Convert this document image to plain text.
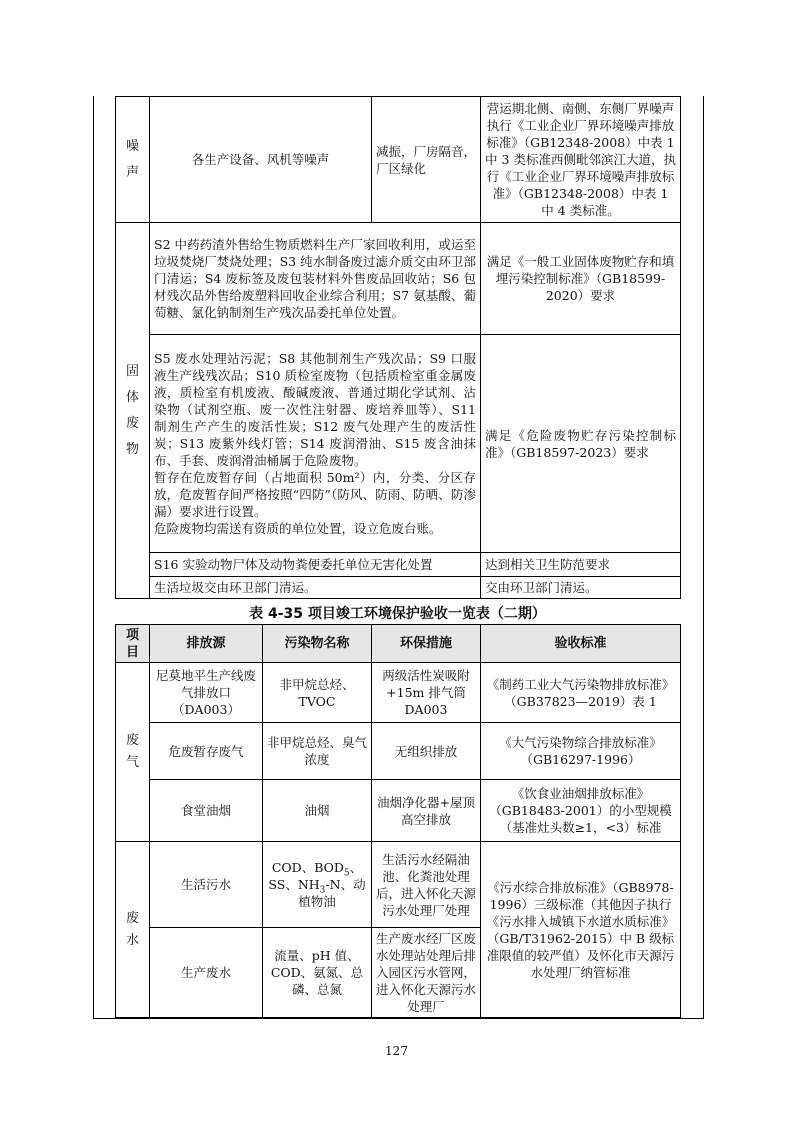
噪
声	各生产设备、风机等噪声	减振，厂房隔音，厂区绿化	营运期北侧、南侧、东侧厂界噪声执行《工业企业厂界环境噪声排放标准》（GB12348-2008）中表 1 中 3 类标准西侧毗邻滨江大道，执行《工业企业厂界环境噪声排放标准》（GB12348-2008）中表 1 中 4 类标准。
固
体
废
物	S2 中药药渣外售给生物质燃料生产厂家回收利用，或运至垃圾焚烧厂焚烧处理；S3 纯水制备废过滤介质交由环卫部门清运；S4 废标签及废包装材料外售废品回收站；S6 包材残次品外售给废塑料回收企业综合利用；S7 氨基酸、葡萄糖、氯化钠制剂生产残次品委托单位处置。		满足《一般工业固体废物贮存和填埋污染控制标准》（GB18599-2020）要求

	S5 废水处理站污泥；S8 其他制剂生产残次品；S9 口服液生产线残次品；S10 质检室废物（包括质检室重金属废液，质检室有机废液、酸碱废液、普通过期化学试剂、沾染物（试剂空瓶、废一次性注射器、废培养皿等）、S11 制剂生产产生的废活性炭；S12 废气处理产生的废活性炭；S13 废紫外线灯管；S14 废润滑油、S15 废含油抹布、手套、废润滑油桶属于危险废物。
暂存在危废暂存间（占地面积 50m²）内，分类、分区存放，危废暂存间严格按照“四防”（防风、防雨、防晒、防渗漏）要求进行设置。
危险废物均需送有资质的单位处置，设立危废台账。		满足《危险废物贮存污染控制标准》（GB18597-2023）要求
	S16 实验动物尸体及动物粪便委托单位无害化处置		达到相关卫生防范要求
	生活垃圾交由环卫部门清运。		交由环卫部门清运。
表 4-35 项目竣工环境保护验收一览表（二期）
项
目	排放源	污染物名称	环保措施	验收标准
废
气	尼莫地平生产线废气排放口（DA003）	非甲烷总烃、TVOC	两级活性炭吸附+15m 排气筒 DA003	《制药工业大气污染物排放标准》（GB37823—2019）表 1
	危废暂存废气	非甲烷总烃、臭气浓度	无组织排放	《大气污染物综合排放标准》（GB16297-1996）
	食堂油烟	油烟	油烟净化器+屋顶高空排放	《饮食业油烟排放标准》（GB18483-2001）的小型规模（基准灶头数≥1，<3）标准
废
水	生活污水	COD、$BOD_5$、SS、$NH_3-N$、动植物油	生活污水经隔油池、化粪池处理后，进入怀化天源污水处理厂处理	《污水综合排放标准》（GB8978-1996）三级标准（其他因子执行《污水排入城镇下水道水质标准》（GB/T31962-2015）中 B 级标准限值的较严值）及怀化市天源污水处理厂纳管标准
	生产废水	流量、pH 值、COD、氨氮、总磷、总氮	生产废水经厂区废水处理站处理后排入园区污水管网，进入怀化天源污水处理厂	
127
